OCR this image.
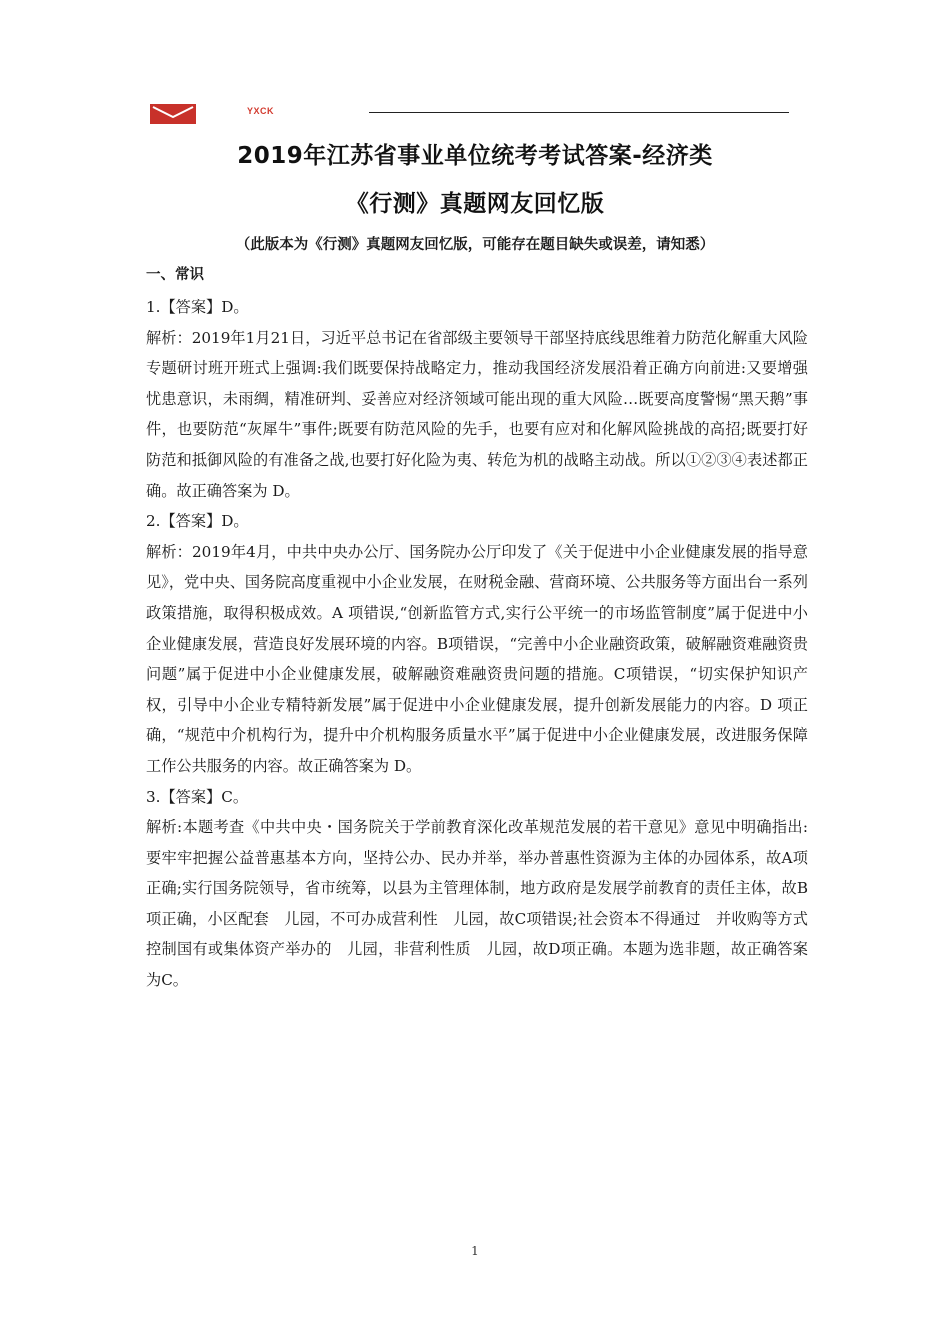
YXCK
2019年江苏省事业单位统考考试答案-经济类
《行测》真题网友回忆版
（此版本为《行测》真题网友回忆版，可能存在题目缺失或误差，请知悉）
一、常识

1.【答案】D。

解析：2019年1月21日，习近平总书记在省部级主要领导干部坚持底线思维着力防范化解重大风险专题研讨班开班式上强调:我们既要保持战略定力，推动我国经济发展沿着正确方向前进:又要增强忧患意识，未雨绸，精准研判、妥善应对经济领域可能出现的重大风险…既要高度警惕“黑天鹅”事件，也要防范“灰犀牛”事件;既要有防范风险的先手，也要有应对和化解风险挑战的高招;既要打好防范和抵御风险的有准备之战,也要打好化险为夷、转危为机的战略主动战。所以①②③④表述都正确。故正确答案为 D。

2.【答案】D。

解析：2019年4月，中共中央办公厅、国务院办公厅印发了《关于促进中小企业健康发展的指导意见》，党中央、国务院高度重视中小企业发展，在财税金融、营商环境、公共服务等方面出台一系列政策措施，取得积极成效。A 项错误,“创新监管方式,实行公平统一的市场监管制度”属于促进中小企业健康发展，营造良好发展环境的内容。B项错误，“完善中小企业融资政策，破解融资难融资贵问题”属于促进中小企业健康发展，破解融资难融资贵问题的措施。C项错误，“切实保护知识产权，引导中小企业专精特新发展”属于促进中小企业健康发展，提升创新发展能力的内容。D 项正确，“规范中介机构行为，提升中介机构服务质量水平”属于促进中小企业健康发展，改进服务保障工作公共服务的内容。故正确答案为 D。

3.【答案】C。

解析:本题考查《中共中央・国务院关于学前教育深化改革规范发展的若干意见》意见中明确指出:要牢牢把握公益普惠基本方向，坚持公办、民办并举，举办普惠性资源为主体的办园体系，故A项正确;实行国务院领导，省市统筹，以县为主管理体制，地方政府是发展学前教育的责任主体，故B项正确，小区配套　儿园，不可办成营利性　儿园，故C项错误;社会资本不得通过　并收购等方式控制国有或集体资产举办的　儿园，非营利性质　儿园，故D项正确。本题为选非题，故正确答案为C。

1
